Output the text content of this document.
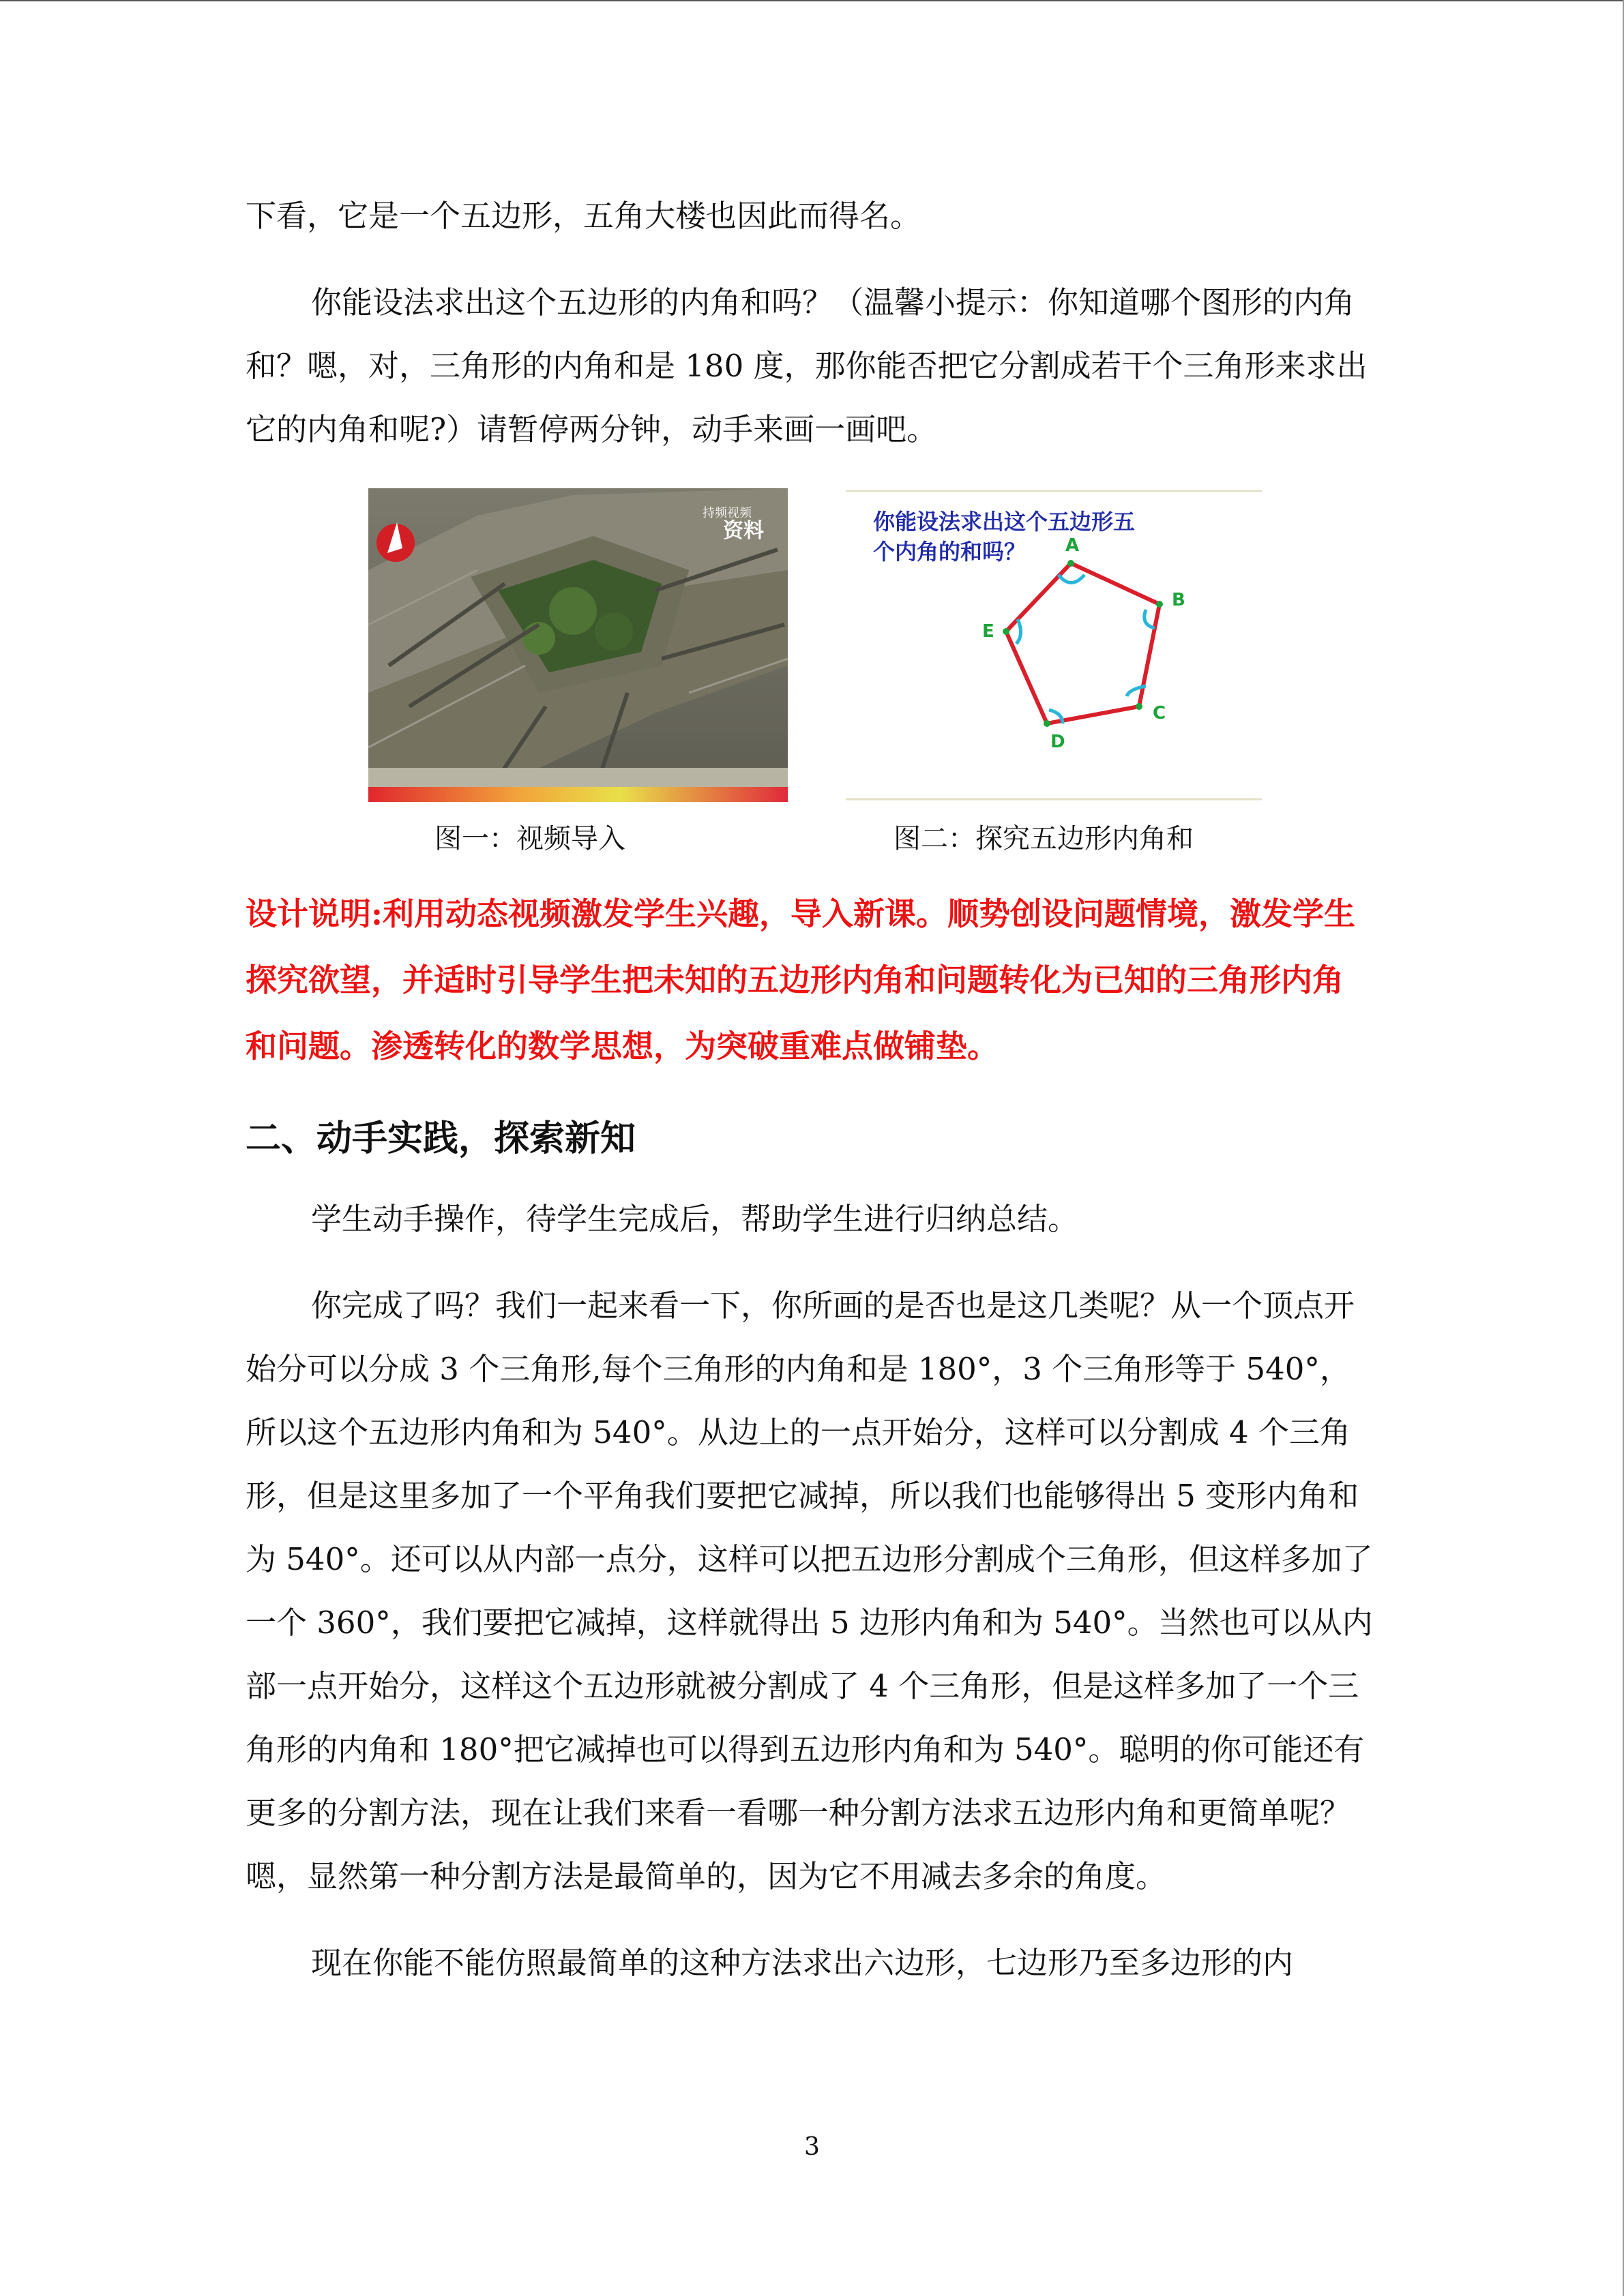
下看，它是一个五边形，五角大楼也因此而得名。

你能设法求出这个五边形的内角和吗？（温馨小提示：你知道哪个图形的内角和？嗯，对，三角形的内角和是 180 度，那你能否把它分割成若干个三角形来求出它的内角和呢?）请暂停两分钟，动手来画一画吧。

持频视频
资料	你能设法求出这个五边形五
个内角的和吗？ A
B
C
D
E
图一：视频导入	图二：探究五边形内角和

设计说明:利用动态视频激发学生兴趣，导入新课。顺势创设问题情境，激发学生探究欲望，并适时引导学生把未知的五边形内角和问题转化为已知的三角形内角和问题。渗透转化的数学思想，为突破重难点做铺垫。

二、动手实践，探索新知

学生动手操作，待学生完成后，帮助学生进行归纳总结。

你完成了吗？我们一起来看一下，你所画的是否也是这几类呢？从一个顶点开始分可以分成 3 个三角形,每个三角形的内角和是 180°，3 个三角形等于 540°，所以这个五边形内角和为 540°。从边上的一点开始分，这样可以分割成 4 个三角形，但是这里多加了一个平角我们要把它减掉，所以我们也能够得出 5 变形内角和为 540°。还可以从内部一点分，这样可以把五边形分割成个三角形，但这样多加了一个 360°，我们要把它减掉，这样就得出 5 边形内角和为 540°。当然也可以从内部一点开始分，这样这个五边形就被分割成了 4 个三角形，但是这样多加了一个三角形的内角和 180°把它减掉也可以得到五边形内角和为 540°。聪明的你可能还有更多的分割方法，现在让我们来看一看哪一种分割方法求五边形内角和更简单呢？嗯，显然第一种分割方法是最简单的，因为它不用减去多余的角度。

现在你能不能仿照最简单的这种方法求出六边形，七边形乃至多边形的内

3
